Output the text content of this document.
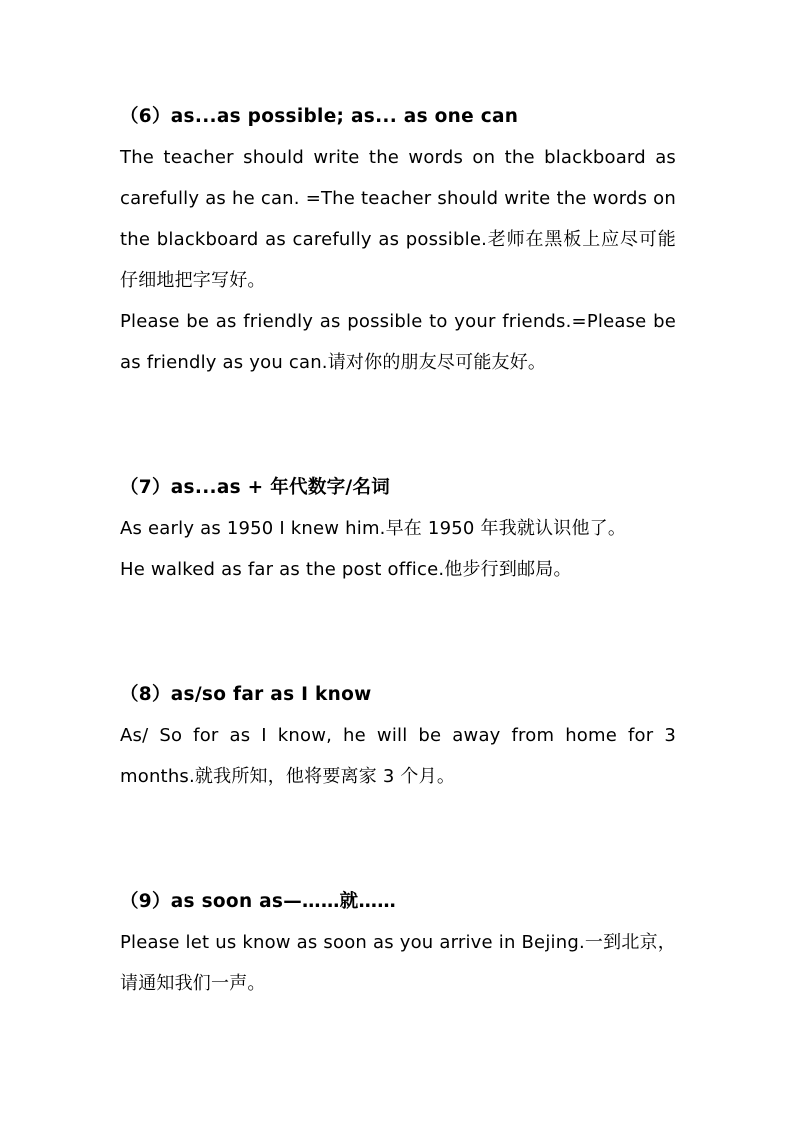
（6）as...as possible; as... as one can

The teacher should write the words on the blackboard as carefully as he can. =The teacher should write the words on the blackboard as carefully as possible.老师在黑板上应尽可能仔细地把字写好。

Please be as friendly as possible to your friends.=Please be as friendly as you can.请对你的朋友尽可能友好。

（7）as...as + 年代数字/名词

As early as 1950 I knew him.早在 1950 年我就认识他了。

He walked as far as the post office.他步行到邮局。

（8）as/so far as I know

As/ So for as I know, he will be away from home for 3 months.就我所知，他将要离家 3 个月。

（9）as soon as—……就……

Please let us know as soon as you arrive in Bejing.一到北京，请通知我们一声。
